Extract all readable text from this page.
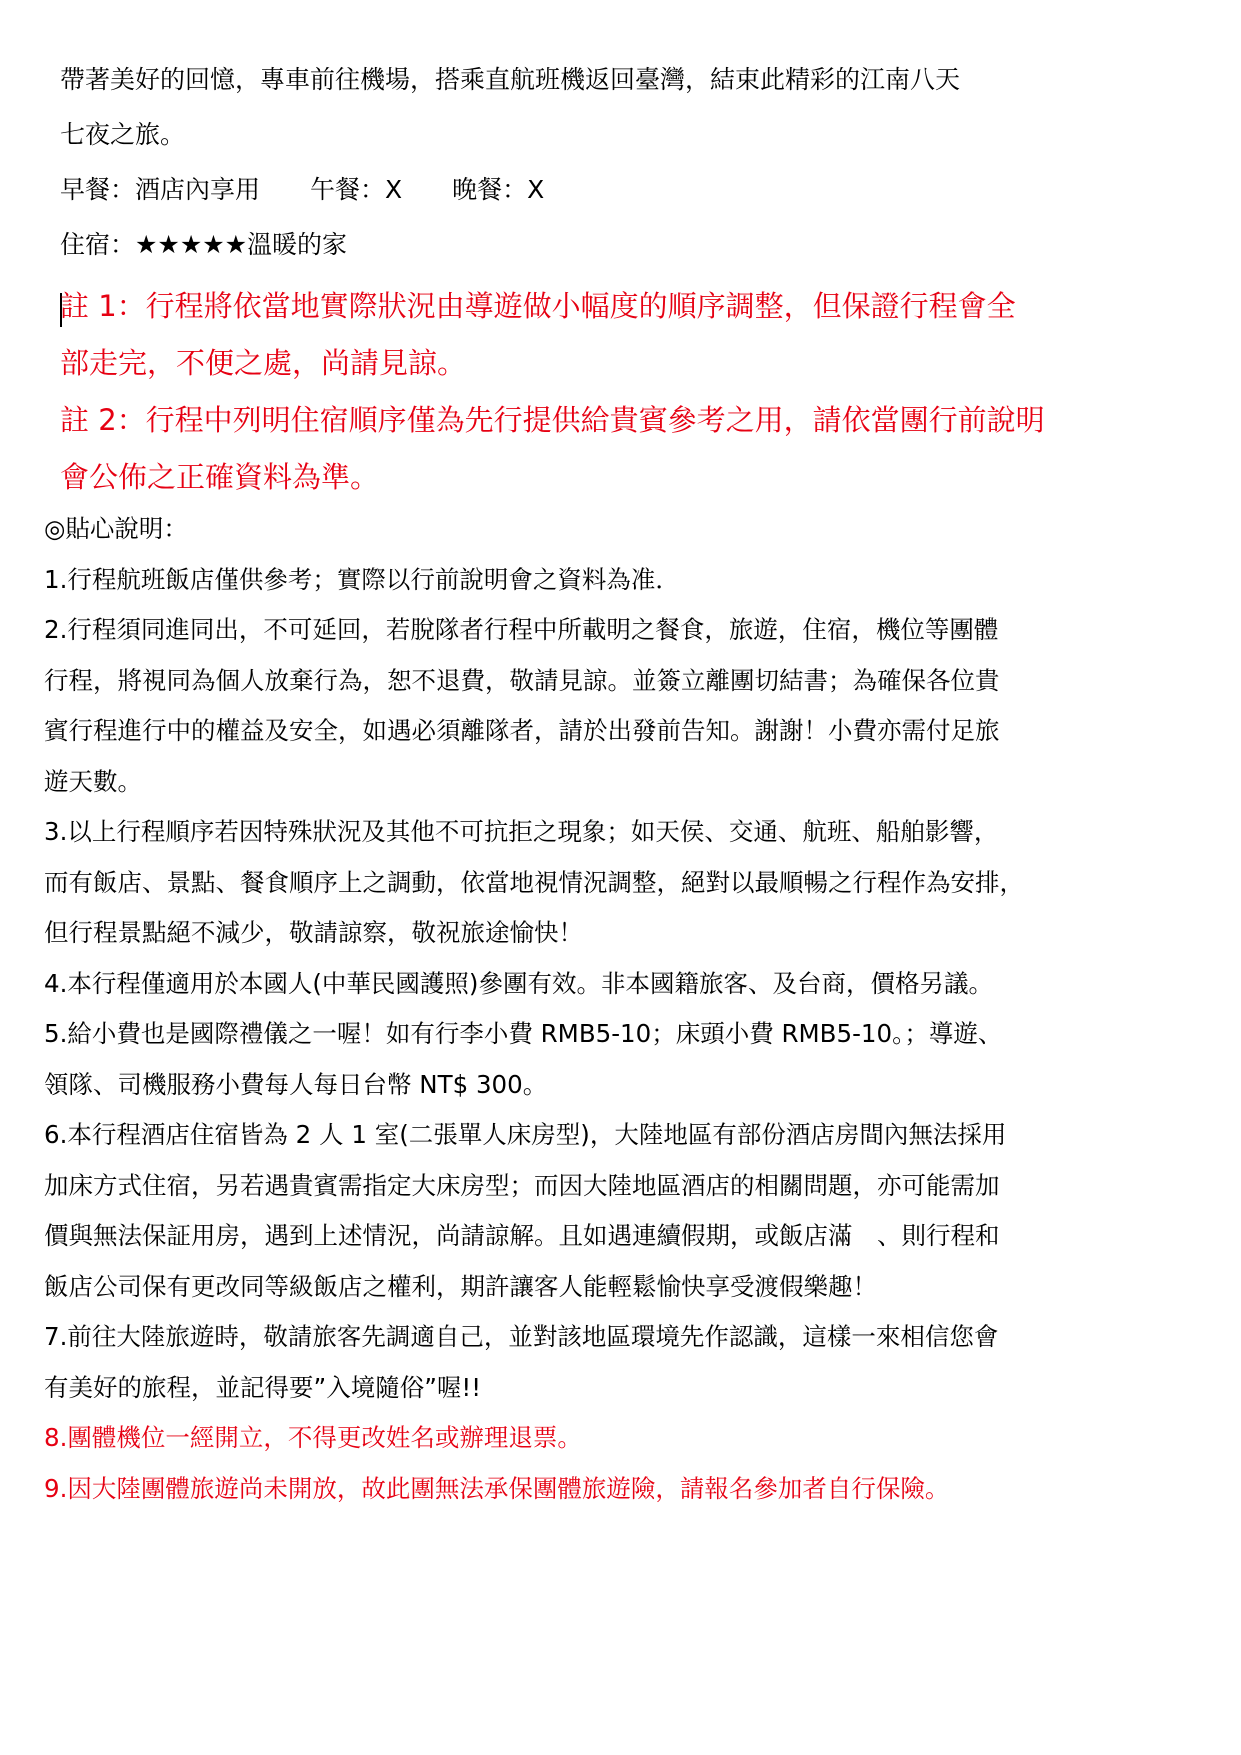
帶著美好的回憶，專車前往機場，搭乘直航班機返回臺灣，結束此精彩的江南八天
七夜之旅。
早餐：酒店內享用 午餐：X 晚餐：X
住宿：★★★★★溫暖的家
註 1：行程將依當地實際狀況由導遊做小幅度的順序調整，但保證行程會全
部走完，不便之處，尚請見諒。
註 2：行程中列明住宿順序僅為先行提供給貴賓參考之用，請依當團行前說明
會公佈之正確資料為準。
◎貼心說明：
1.行程航班飯店僅供參考；實際以行前說明會之資料為准．
2.行程須同進同出，不可延回，若脫隊者行程中所載明之餐食，旅遊，住宿，機位等團體
行程，將視同為個人放棄行為，恕不退費，敬請見諒。並簽立離團切結書；為確保各位貴
賓行程進行中的權益及安全，如遇必須離隊者，請於出發前告知。謝謝！小費亦需付足旅
遊天數。
3.以上行程順序若因特殊狀況及其他不可抗拒之現象；如天侯、交通、航班、船舶影響，
而有飯店、景點、餐食順序上之調動，依當地視情況調整，絕對以最順暢之行程作為安排，
但行程景點絕不減少，敬請諒察，敬祝旅途愉快！
4.本行程僅適用於本國人(中華民國護照)參團有效。非本國籍旅客、及台商，價格另議。
5.給小費也是國際禮儀之一喔！如有行李小費 RMB5-10；床頭小費 RMB5-10。；導遊、
領隊、司機服務小費每人每日台幣 NT$ 300。
6.本行程酒店住宿皆為 2 人 1 室(二張單人床房型)，大陸地區有部份酒店房間內無法採用
加床方式住宿，另若遇貴賓需指定大床房型；而因大陸地區酒店的相關問題，亦可能需加
價與無法保証用房，遇到上述情況，尚請諒解。且如遇連續假期，或飯店滿　、則行程和
飯店公司保有更改同等級飯店之權利，期許讓客人能輕鬆愉快享受渡假樂趣！
7.前往大陸旅遊時，敬請旅客先調適自己，並對該地區環境先作認識，這樣一來相信您會
有美好的旅程，並記得要”入境隨俗”喔!!
8.團體機位一經開立，不得更改姓名或辦理退票。
9.因大陸團體旅遊尚未開放，故此團無法承保團體旅遊險，請報名參加者自行保險。
